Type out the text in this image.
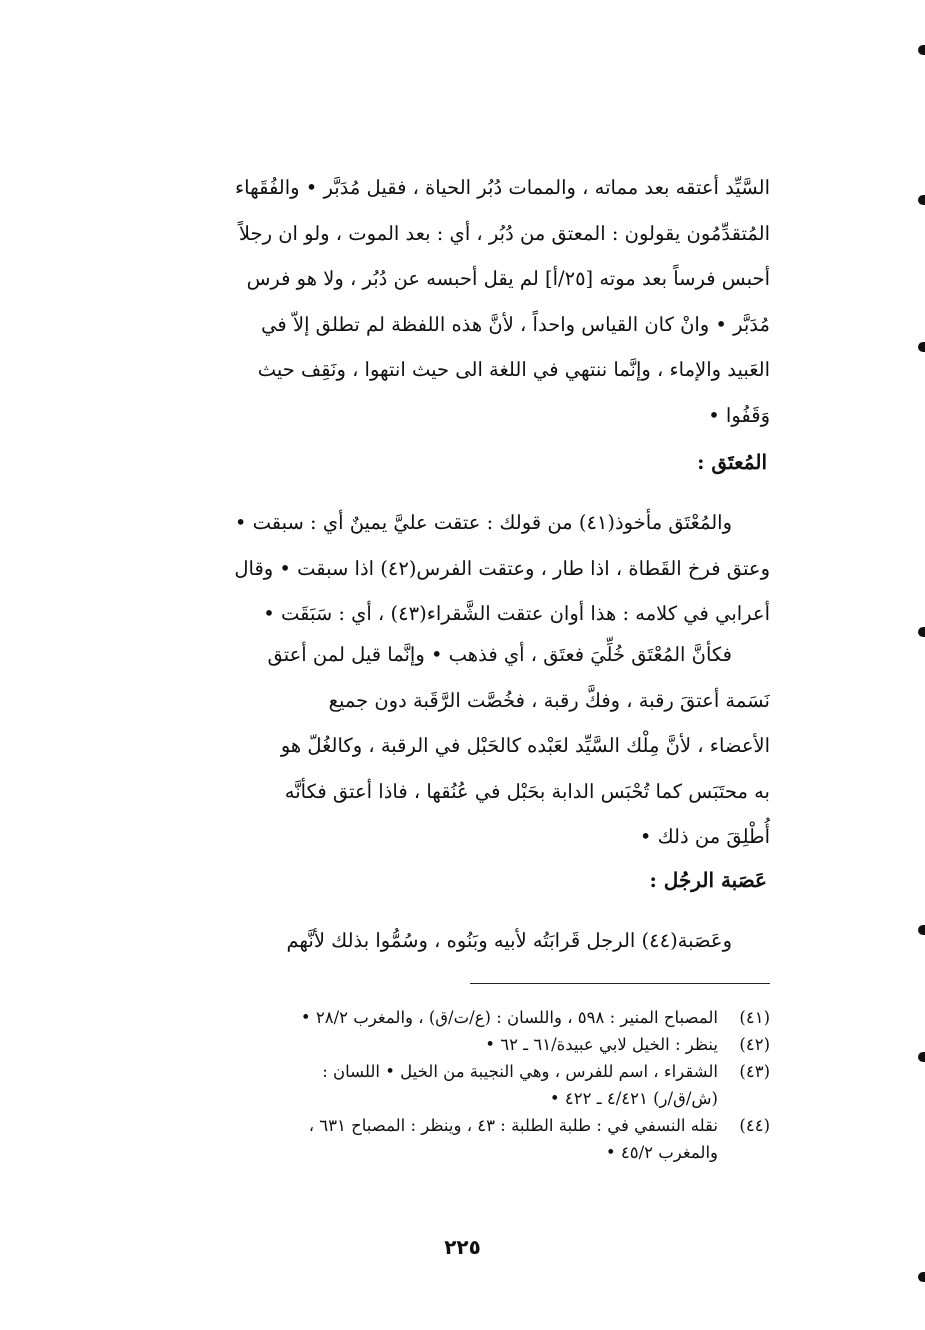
السَّيِّد أعتقه بعد مماته ، والممات دُبُر الحياة ، فقيل مُدَبَّر • والفُقَهاء
المُتقدِّمُون يقولون : المعتق من دُبُر ، أي : بعد الموت ، ولو ان رجلاً
أحبس فرساً بعد موته [٢٥/أ] لم يقل أحبسه عن دُبُر ، ولا هو فرس
مُدَبَّر • وانْ كان القياس واحداً ، لأنَّ هذه اللفظة لم تطلق إلاّ في
العَبيد والإماء ، وإنَّما ننتهي في اللغة الى حيث انتهوا ، ونَقِف حيث
وَقَفُوا •
المُعتَق :
والمُعْتَق مأخوذ(٤١) من قولك : عتقت عليَّ يمينٌ أي : سبقت •
وعتق فرخ القَطاة ، اذا طار ، وعتقت الفرس(٤٢) اذا سبقت • وقال
أعرابي في كلامه : هذا أوان عتقت الشَّقراء(٤٣) ، أي : سَبَقَت •
فكأنَّ المُعْتَق خُلِّيَ فعتَق ، أي فذهب • وإنَّما قيل لمن أعتق
نَسَمة أعتقَ رقبة ، وفكَّ رقبة ، فخُصَّت الرَّقَبة دون جميع
الأعضاء ، لأنَّ مِلْك السَّيِّد لعَبْده كالحَبْل في الرقبة ، وكالغُلّ هو
به محتَبَس كما تُحْبَس الدابة بحَبْل في عُنُقها ، فاذا أعتق فكأنَّه
أُطْلِقَ من ذلك •
عَصَبة الرجُل :
وعَصَبة(٤٤) الرجل قَرابَتُه لأبيه وبَنُوه ، وسُمُّوا بذلك لأنَّهم
(٤١)
المصباح المنير : ٥٩٨ ، واللسان : (ع/ت/ق) ، والمغرب ٢٨/٢ •
(٤٢)
ينظر : الخيل لابي عبيدة/٦١ ـ ٦٢ •
(٤٣)
الشقراء ، اسم للفرس ، وهي النجيبة من الخيل • اللسان :
(ش/ق/ر) ٤/٤٢١ ـ ٤٢٢ •
(٤٤)
نقله النسفي في : طلبة الطلبة : ٤٣ ، وينظر : المصباح ٦٣١ ،
والمغرب ٤٥/٢ •
٢٢٥
